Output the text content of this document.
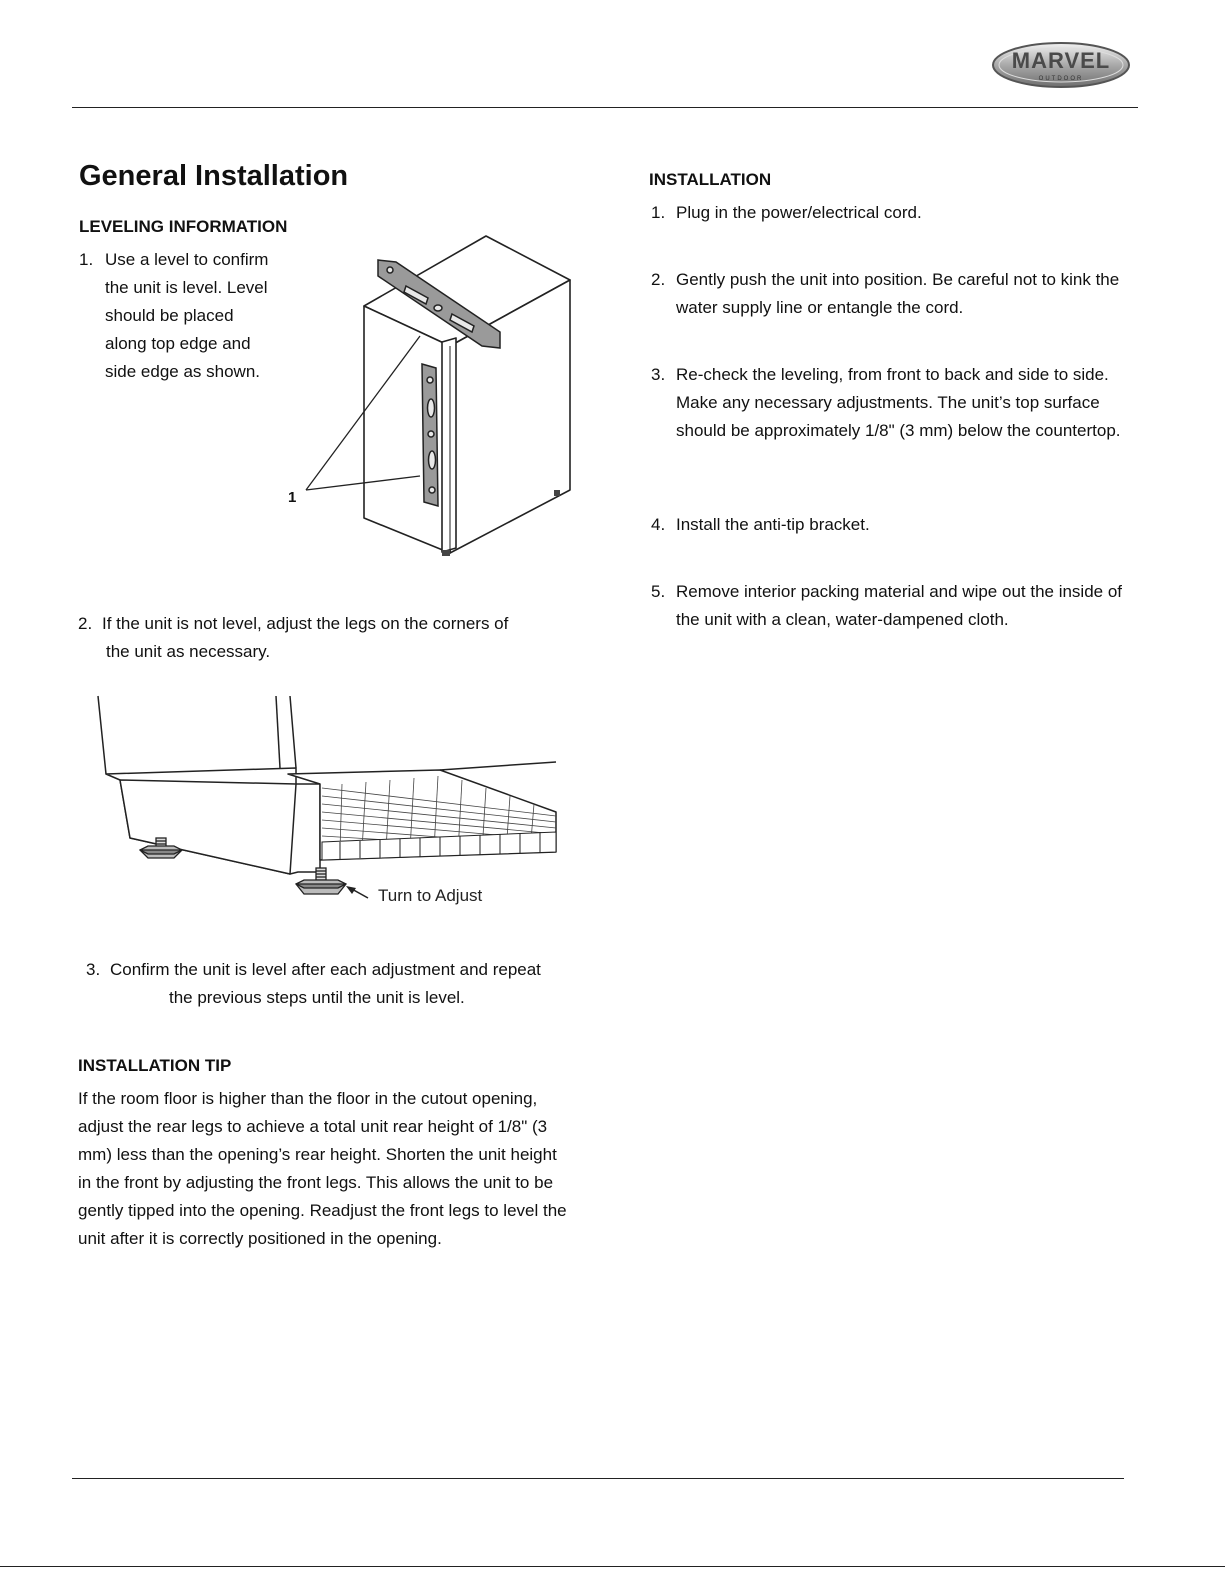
MARVEL
OUTDOOR
General Installation
LEVELING INFORMATION
1. Use a level to confirm the unit is level. Level should be placed along top edge and side edge as shown.
1
2. If the unit is not level, adjust the legs on the corners of
the unit as necessary.
Turn to Adjust
3. Confirm the unit is level after each adjustment and repeat
the previous steps until the unit is level.
INSTALLATION TIP

If the room floor is higher than the floor in the cutout opening, adjust the rear legs to achieve a total unit rear height of 1/8" (3 mm) less than the opening’s rear height. Shorten the unit height in the front by adjusting the front legs. This allows the unit to be gently tipped into the opening. Readjust the front legs to level the unit after it is correctly positioned in the opening.

INSTALLATION
1. Plug in the power/electrical cord.
2. Gently push the unit into position. Be careful not to kink the water supply line or entangle the cord.
3. Re-check the leveling, from front to back and side to side. Make any necessary adjustments. The unit’s top surface should be approximately 1/8" (3 mm) below the countertop.
4. Install the anti-tip bracket.
5. Remove interior packing material and wipe out the inside of the unit with a clean, water-dampened cloth.
